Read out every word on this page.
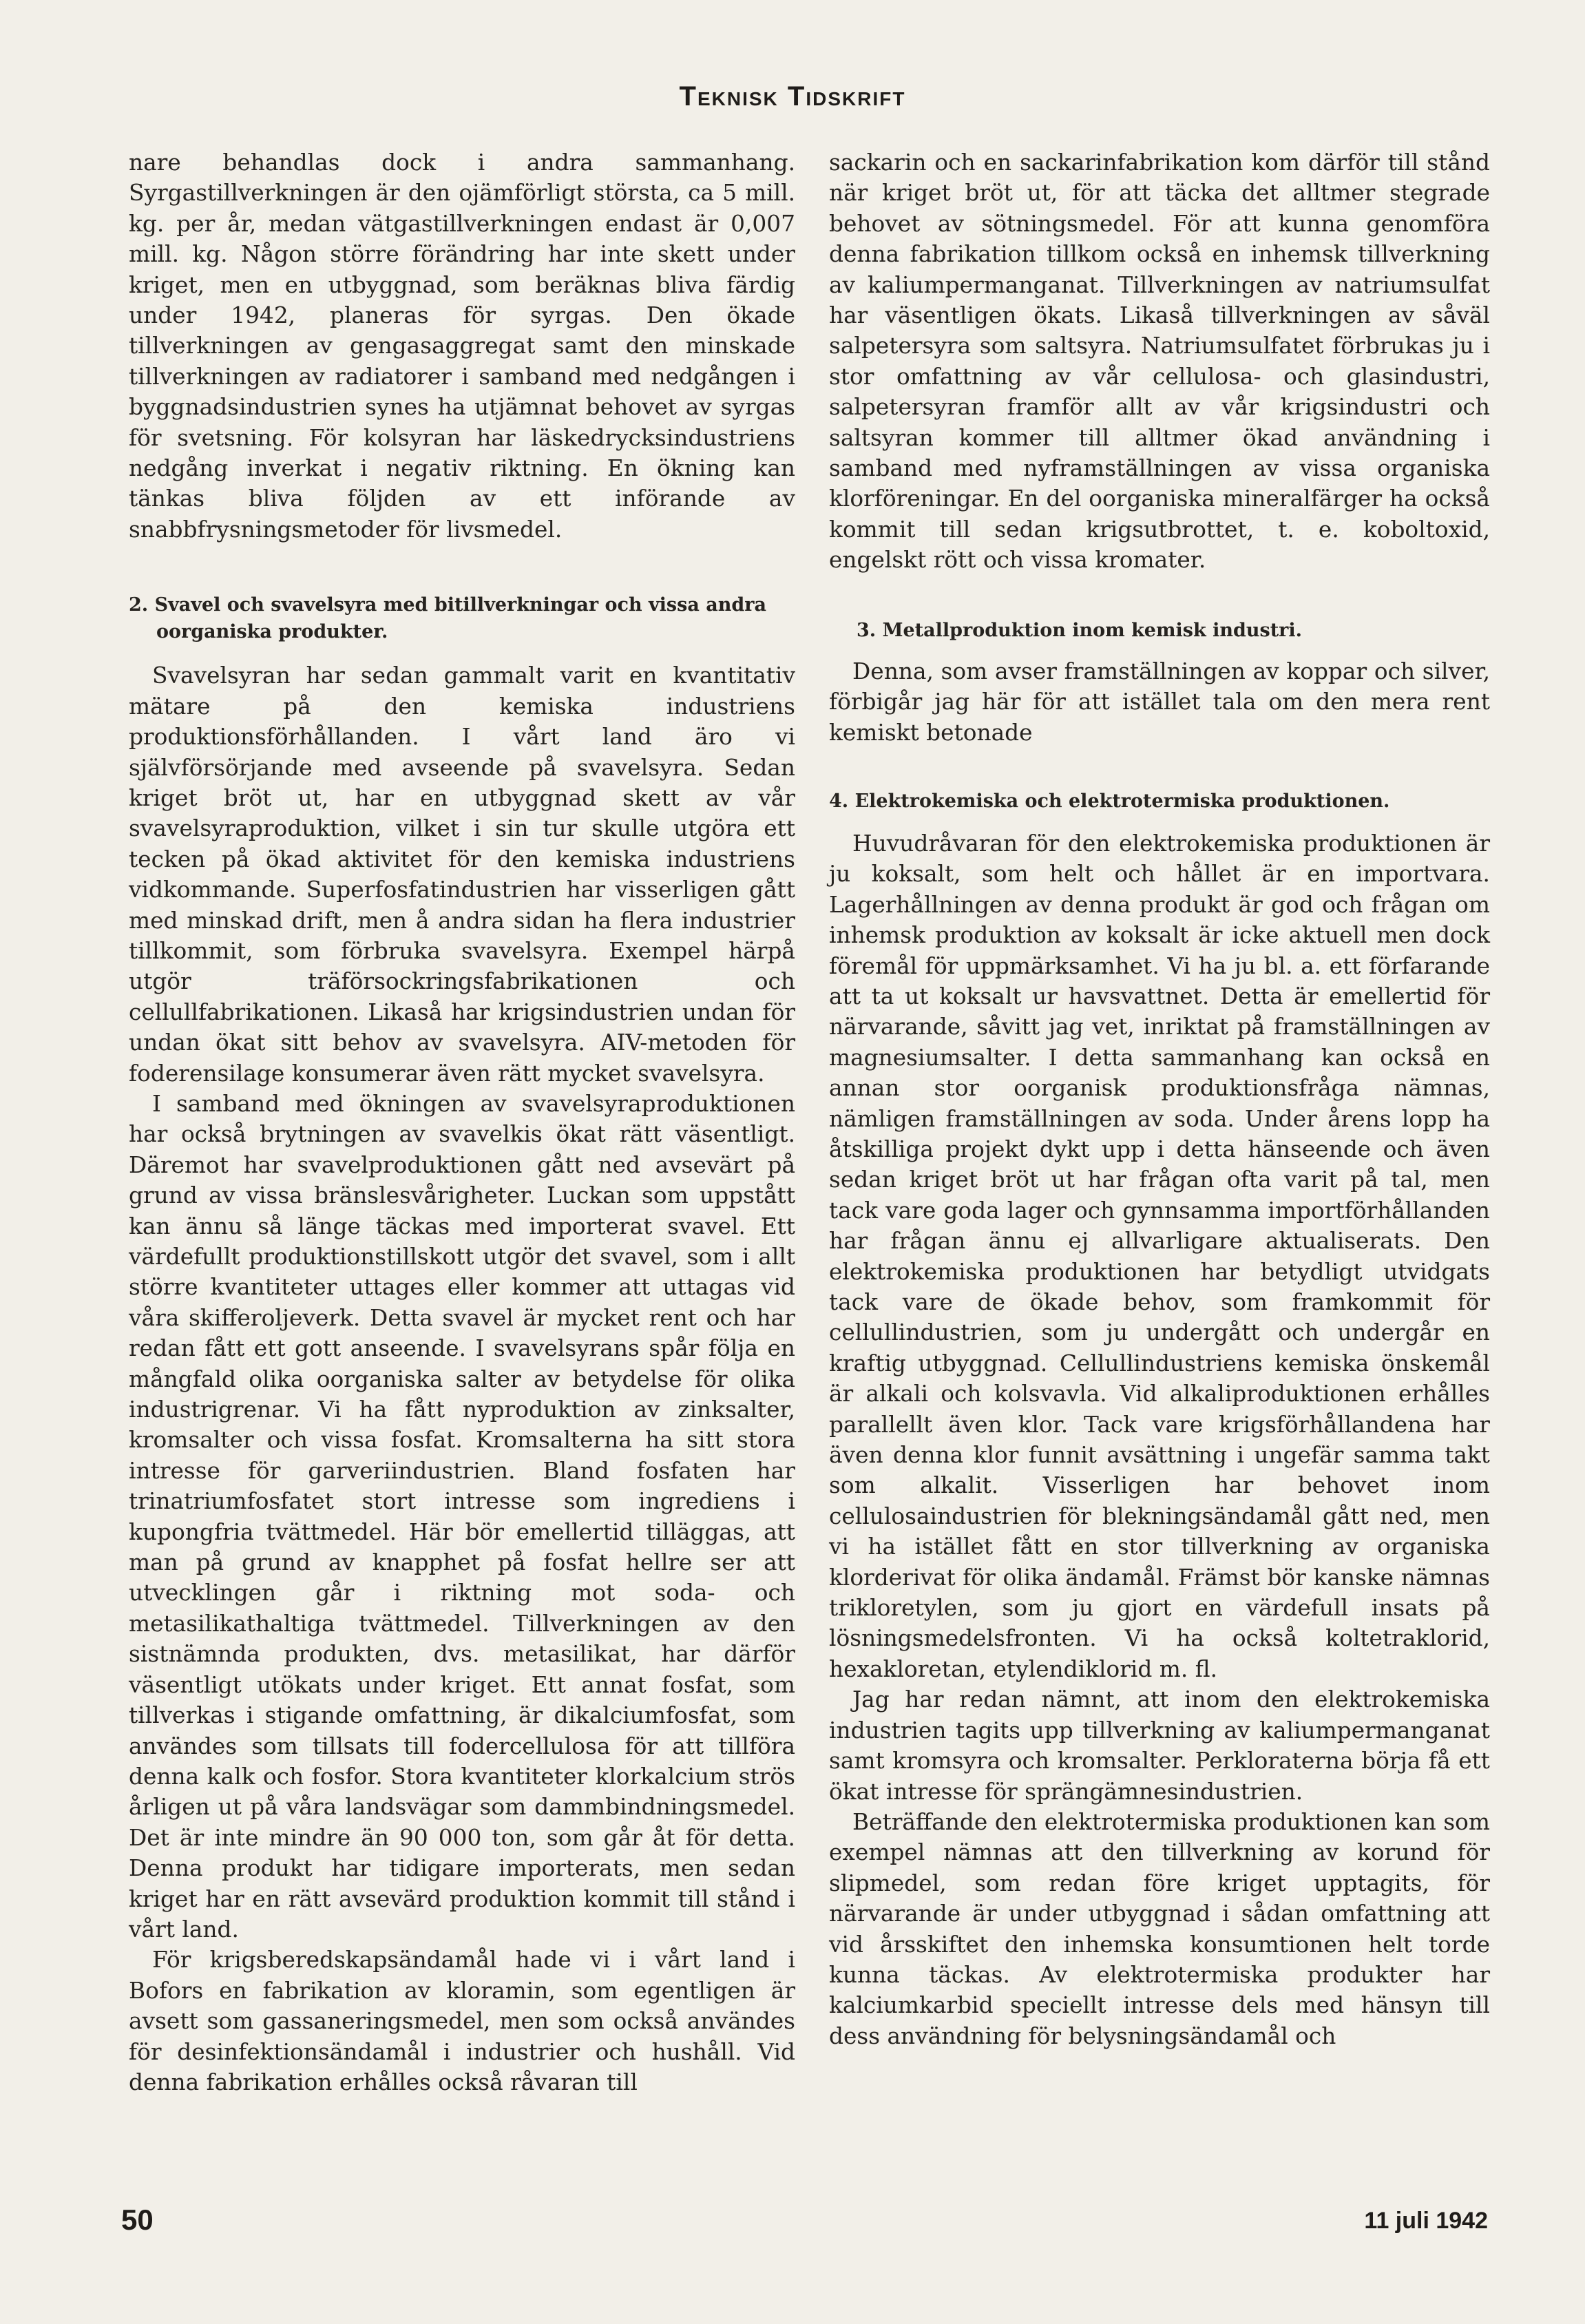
Teknisk Tidskrift

nare behandlas dock i andra sammanhang. Syrgastillverkningen är den ojämförligt största, ca 5 mill. kg. per år, medan vätgastillverkningen endast är 0,007 mill. kg. Någon större förändring har inte skett under kriget, men en utbyggnad, som beräknas bliva färdig under 1942, planeras för syrgas. Den ökade tillverkningen av gengasaggregat samt den minskade tillverkningen av radiatorer i samband med nedgången i byggnadsindustrien synes ha utjämnat behovet av syrgas för svetsning. För kolsyran har läskedrycksindustriens nedgång inverkat i negativ riktning. En ökning kan tänkas bliva följden av ett införande av snabbfrysningsmetoder för livsmedel.

2. Svavel och svavelsyra med bitillverkningar och vissa andra oorganiska produkter.

Svavelsyran har sedan gammalt varit en kvantitativ mätare på den kemiska industriens produktionsförhållanden. I vårt land äro vi självförsörjande med avseende på svavelsyra. Sedan kriget bröt ut, har en utbyggnad skett av vår svavelsyraproduktion, vilket i sin tur skulle utgöra ett tecken på ökad aktivitet för den kemiska industriens vidkommande. Superfosfatindustrien har visserligen gått med minskad drift, men å andra sidan ha flera industrier tillkommit, som förbruka svavelsyra. Exempel härpå utgör träförsockringsfabrikationen och cellullfabrikationen. Likaså har krigsindustrien undan för undan ökat sitt behov av svavelsyra. AIV-metoden för foderensilage konsumerar även rätt mycket svavelsyra.

I samband med ökningen av svavelsyraproduktionen har också brytningen av svavelkis ökat rätt väsentligt. Däremot har svavelproduktionen gått ned avsevärt på grund av vissa bränslesvårigheter. Luckan som uppstått kan ännu så länge täckas med importerat svavel. Ett värdefullt produktionstillskott utgör det svavel, som i allt större kvantiteter uttages eller kommer att uttagas vid våra skifferoljeverk. Detta svavel är mycket rent och har redan fått ett gott anseende. I svavelsyrans spår följa en mångfald olika oorganiska salter av betydelse för olika industrigrenar. Vi ha fått nyproduktion av zinksalter, kromsalter och vissa fosfat. Kromsalterna ha sitt stora intresse för garveriindustrien. Bland fosfaten har trinatriumfosfatet stort intresse som ingrediens i kupongfria tvättmedel. Här bör emellertid tilläggas, att man på grund av knapphet på fosfat hellre ser att utvecklingen går i riktning mot soda- och metasilikathaltiga tvättmedel. Tillverkningen av den sistnämnda produkten, dvs. metasilikat, har därför väsentligt utökats under kriget. Ett annat fosfat, som tillverkas i stigande omfattning, är dikalciumfosfat, som användes som tillsats till fodercellulosa för att tillföra denna kalk och fosfor. Stora kvantiteter klorkalcium strös årligen ut på våra landsvägar som dammbindningsmedel. Det är inte mindre än 90 000 ton, som går åt för detta. Denna produkt har tidigare importerats, men sedan kriget har en rätt avsevärd produktion kommit till stånd i vårt land.

För krigsberedskapsändamål hade vi i vårt land i Bofors en fabrikation av kloramin, som egentligen är avsett som gassaneringsmedel, men som också användes för desinfektionsändamål i industrier och hushåll. Vid denna fabrikation erhålles också råvaran till

sackarin och en sackarinfabrikation kom därför till stånd när kriget bröt ut, för att täcka det alltmer stegrade behovet av sötningsmedel. För att kunna genomföra denna fabrikation tillkom också en inhemsk tillverkning av kaliumpermanganat. Tillverkningen av natriumsulfat har väsentligen ökats. Likaså tillverkningen av såväl salpetersyra som saltsyra. Natriumsulfatet förbrukas ju i stor omfattning av vår cellulosa- och glasindustri, salpetersyran framför allt av vår krigsindustri och saltsyran kommer till alltmer ökad användning i samband med nyframställningen av vissa organiska klorföreningar. En del oorganiska mineralfärger ha också kommit till sedan krigsutbrottet, t. e. koboltoxid, engelskt rött och vissa kromater.

3. Metallproduktion inom kemisk industri.

Denna, som avser framställningen av koppar och silver, förbigår jag här för att istället tala om den mera rent kemiskt betonade

4. Elektrokemiska och elektrotermiska produktionen.

Huvudråvaran för den elektrokemiska produktionen är ju koksalt, som helt och hållet är en importvara. Lagerhållningen av denna produkt är god och frågan om inhemsk produktion av koksalt är icke aktuell men dock föremål för uppmärksamhet. Vi ha ju bl. a. ett förfarande att ta ut koksalt ur havsvattnet. Detta är emellertid för närvarande, såvitt jag vet, inriktat på framställningen av magnesiumsalter. I detta sammanhang kan också en annan stor oorganisk produktionsfråga nämnas, nämligen framställningen av soda. Under årens lopp ha åtskilliga projekt dykt upp i detta hänseende och även sedan kriget bröt ut har frågan ofta varit på tal, men tack vare goda lager och gynnsamma importförhållanden har frågan ännu ej allvarligare aktualiserats. Den elektrokemiska produktionen har betydligt utvidgats tack vare de ökade behov, som framkommit för cellullindustrien, som ju undergått och undergår en kraftig utbyggnad. Cellullindustriens kemiska önskemål är alkali och kolsvavla. Vid alkaliproduktionen erhålles parallellt även klor. Tack vare krigsförhållandena har även denna klor funnit avsättning i ungefär samma takt som alkalit. Visserligen har behovet inom cellulosaindustrien för blekningsändamål gått ned, men vi ha istället fått en stor tillverkning av organiska klorderivat för olika ändamål. Främst bör kanske nämnas trikloretylen, som ju gjort en värdefull insats på lösningsmedelsfronten. Vi ha också koltetraklorid, hexakloretan, etylendiklorid m. fl.

Jag har redan nämnt, att inom den elektrokemiska industrien tagits upp tillverkning av kaliumpermanganat samt kromsyra och kromsalter. Perkloraterna börja få ett ökat intresse för sprängämnesindustrien.

Beträffande den elektrotermiska produktionen kan som exempel nämnas att den tillverkning av korund för slipmedel, som redan före kriget upptagits, för närvarande är under utbyggnad i sådan omfattning att vid årsskiftet den inhemska konsumtionen helt torde kunna täckas. Av elektrotermiska produkter har kalciumkarbid speciellt intresse dels med hänsyn till dess användning för belysningsändamål och

50	11 juli 1942
